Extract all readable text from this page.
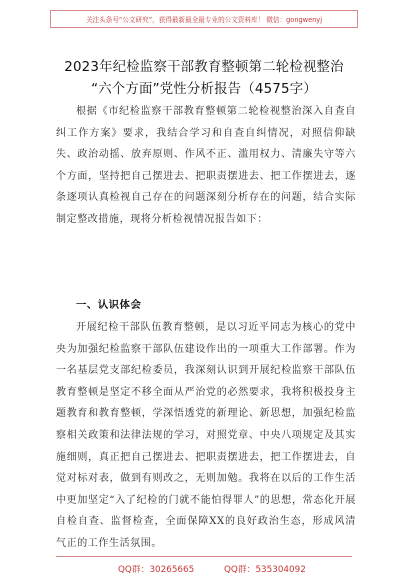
关注头条号“公文研究”，获得最新最全最专业的公文资料库！ 微信：gongwenyj
2023年纪检监察干部教育整顿第二轮检视整治
“六个方面”党性分析报告（4575字）

根据《市纪检监察干部教育整顿第二轮检视整治深入自查自纠工作方案》要求，我结合学习和自查自纠情况，对照信仰缺失、政治动摇、放弃原则、作风不正、滥用权力、清廉失守等六个方面，坚持把自己摆进去、把职责摆进去、把工作摆进去，逐条逐项认真检视自己存在的问题深刻分析存在的问题，结合实际制定整改措施，现将分析检视情况报告如下：

一、认识体会

开展纪检干部队伍教育整顿，是以习近平同志为核心的党中央为加强纪检监察干部队伍建设作出的一项重大工作部署。作为一名基层党支部纪检委员，我深刻认识到开展纪检监察干部队伍教育整顿是坚定不移全面从严治党的必然要求，我将积极投身主题教育和教育整顿，学深悟透党的新理论、新思想，加强纪检监察相关政策和法律法规的学习，对照党章、中央八项规定及其实施细则，真正把自己摆进去、把职责摆进去，把工作摆进去，自觉对标对表，做到有则改之，无则加勉。我将在以后的工作生活中更加坚定“入了纪检的门就不能怕得罪人”的思想，常态化开展自检自查、监督检查，全面保障XX的良好政治生态，形成风清气正的工作生活氛围。

QQ群：30265665	QQ群：535304092
